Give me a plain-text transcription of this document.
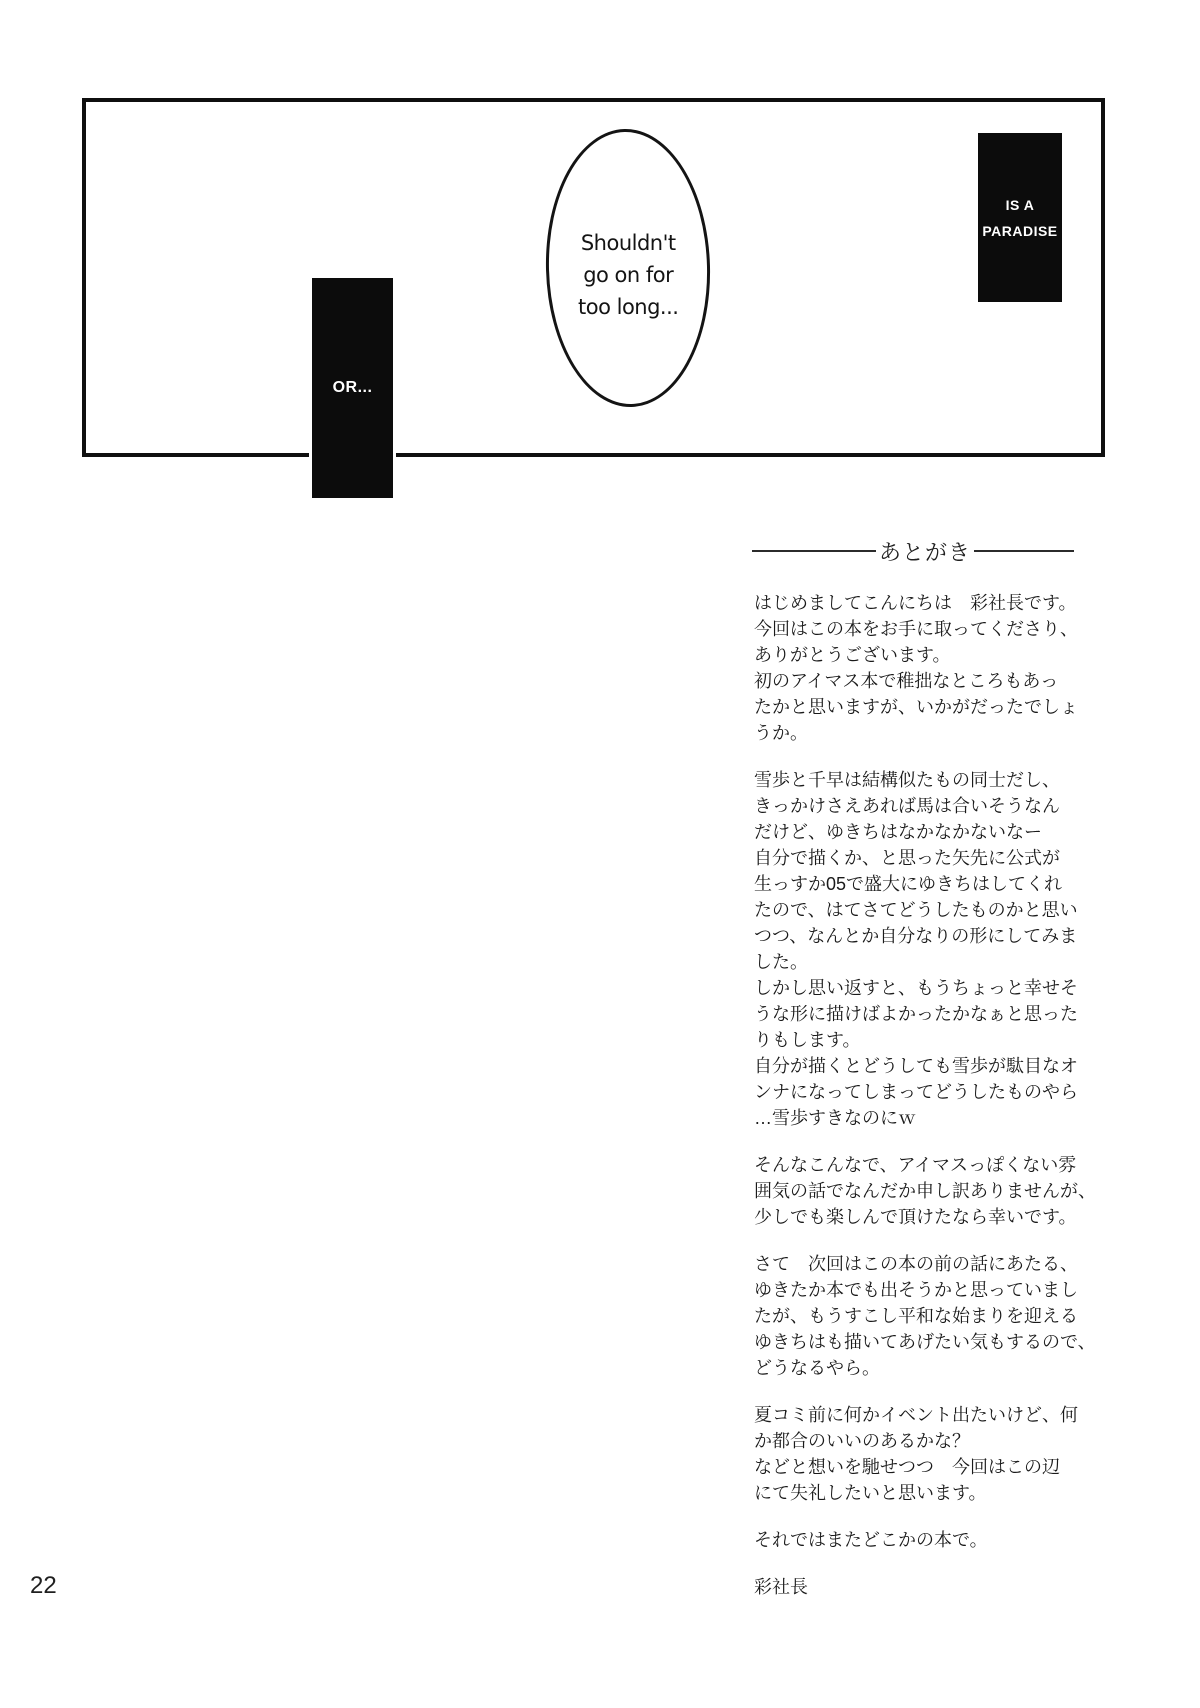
Shouldn't
go on for
too long...
OR...
IS A
PARADISE
あとがき
はじめましてこんにちは　彩社長です。
今回はこの本をお手に取ってくださり、
ありがとうございます。
初のアイマス本で稚拙なところもあっ
たかと思いますが、いかがだったでしょ
うか。
雪歩と千早は結構似たもの同士だし、
きっかけさえあれば馬は合いそうなん
だけど、ゆきちはなかなかないなー
自分で描くか、と思った矢先に公式が
生っすか05で盛大にゆきちはしてくれ
たので、はてさてどうしたものかと思い
つつ、なんとか自分なりの形にしてみま
した。
しかし思い返すと、もうちょっと幸せそ
うな形に描けばよかったかなぁと思った
りもします。
自分が描くとどうしても雪歩が駄目なオ
ンナになってしまってどうしたものやら
…雪歩すきなのにｗ
そんなこんなで、アイマスっぽくない雰
囲気の話でなんだか申し訳ありませんが、
少しでも楽しんで頂けたなら幸いです。
さて　次回はこの本の前の話にあたる、
ゆきたか本でも出そうかと思っていまし
たが、もうすこし平和な始まりを迎える
ゆきちはも描いてあげたい気もするので、
どうなるやら。
夏コミ前に何かイベント出たいけど、何
か都合のいいのあるかな？
などと想いを馳せつつ　今回はこの辺
にて失礼したいと思います。
それではまたどこかの本で。
彩社長
22
